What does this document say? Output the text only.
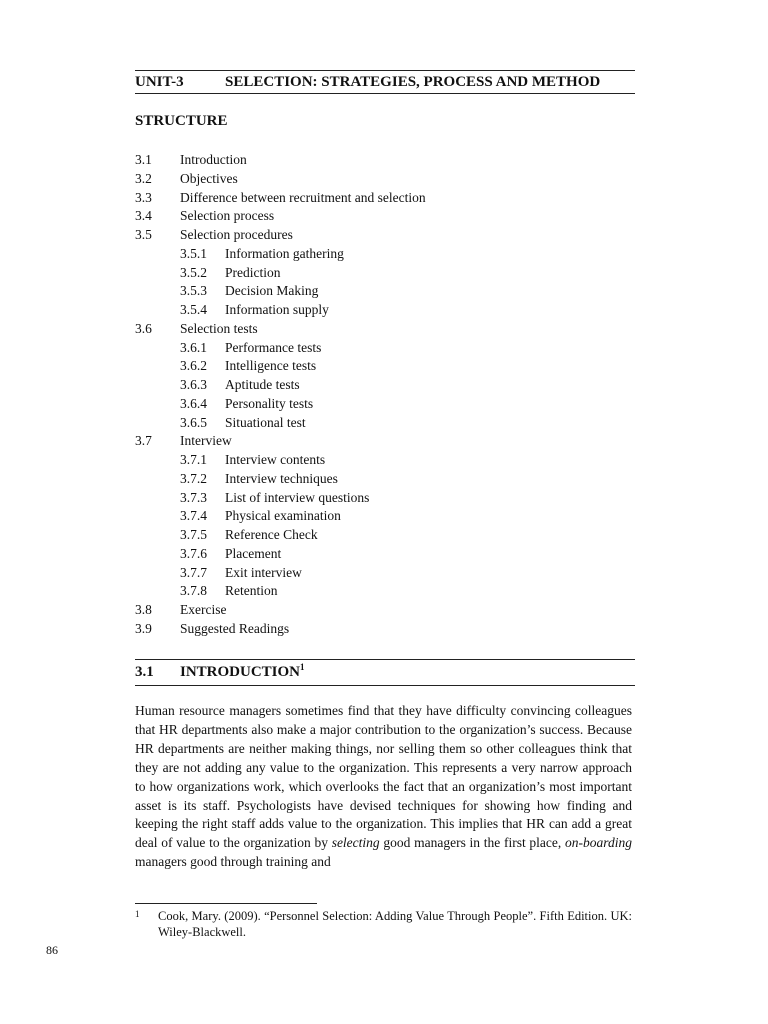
UNIT-3	SELECTION: STRATEGIES, PROCESS AND METHOD
STRUCTURE
3.1 Introduction
3.2 Objectives
3.3 Difference between recruitment and selection
3.4 Selection process
3.5 Selection procedures
3.5.1 Information gathering
3.5.2 Prediction
3.5.3 Decision Making
3.5.4 Information supply
3.6 Selection tests
3.6.1 Performance tests
3.6.2 Intelligence tests
3.6.3 Aptitude tests
3.6.4 Personality tests
3.6.5 Situational test
3.7 Interview
3.7.1 Interview contents
3.7.2 Interview techniques
3.7.3 List of interview questions
3.7.4 Physical examination
3.7.5 Reference Check
3.7.6 Placement
3.7.7 Exit interview
3.7.8 Retention
3.8 Exercise
3.9 Suggested Readings
3.1 INTRODUCTION$^1$
Human resource managers sometimes find that they have difficulty convincing colleagues that HR departments also make a major contribution to the organization’s success. Because HR departments are neither making things, nor selling them so other colleagues think that they are not adding any value to the organization. This represents a very narrow approach to how organizations work, which overlooks the fact that an organization’s most important asset is its staff. Psychologists have devised techniques for showing how finding and keeping the right staff adds value to the organization. This implies that HR can add a great deal of value to the organization by selecting good managers in the first place, on-boarding managers good through training and
1 Cook, Mary. (2009). “Personnel Selection: Adding Value Through People”. Fifth Edition. UK: Wiley-Blackwell.
86
